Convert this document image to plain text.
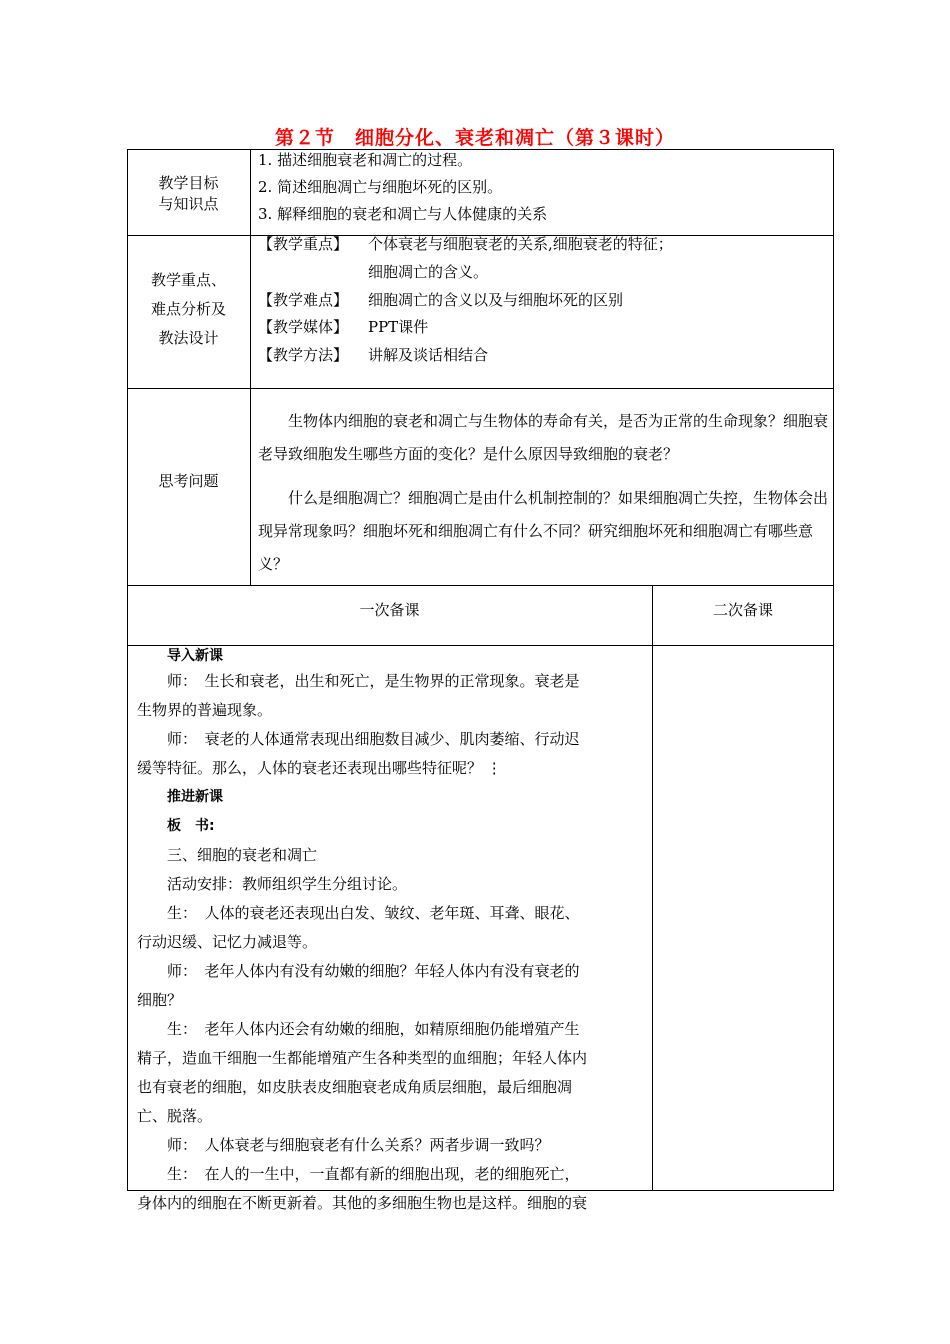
第２节　细胞分化、衰老和凋亡（第３课时）
教学目标
与知识点
1. 描述细胞衰老和凋亡的过程。
2. 简述细胞凋亡与细胞坏死的区别。
3. 解释细胞的衰老和凋亡与人体健康的关系
教学重点、
难点分析及
教法设计
【教学重点】 个体衰老与细胞衰老的关系,细胞衰老的特征；
细胞凋亡的含义。
【教学难点】 细胞凋亡的含义以及与细胞坏死的区别
【教学媒体】 PPT课件
【教学方法】 讲解及谈话相结合
思考问题
生物体内细胞的衰老和凋亡与生物体的寿命有关，是否为正常的生命现象？细胞衰老导致细胞发生哪些方面的变化？是什么原因导致细胞的衰老？
什么是细胞凋亡？细胞凋亡是由什么机制控制的？如果细胞凋亡失控，生物体会出现异常现象吗？细胞坏死和细胞凋亡有什么不同？研究细胞坏死和细胞凋亡有哪些意义？
一次备课	二次备课
导入新课
师：　生长和衰老，出生和死亡，是生物界的正常现象。衰老是
生物界的普遍现象。
师：　衰老的人体通常表现出细胞数目减少、肌肉萎缩、行动迟
缓等特征。那么，人体的衰老还表现出哪些特征呢？ ⋮
推进新课
板　书:
三、细胞的衰老和凋亡
活动安排：教师组织学生分组讨论。
生：　人体的衰老还表现出白发、皱纹、老年斑、耳聋、眼花、
行动迟缓、记忆力减退等。
师：　老年人体内有没有幼嫩的细胞？年轻人体内有没有衰老的
细胞？
生：　老年人体内还会有幼嫩的细胞，如精原细胞仍能增殖产生
精子，造血干细胞一生都能增殖产生各种类型的血细胞；年轻人体内
也有衰老的细胞，如皮肤表皮细胞衰老成角质层细胞，最后细胞凋
亡、脱落。
师：　人体衰老与细胞衰老有什么关系？两者步调一致吗？
生：　在人的一生中，一直都有新的细胞出现，老的细胞死亡，
身体内的细胞在不断更新着。其他的多细胞生物也是这样。细胞的衰
